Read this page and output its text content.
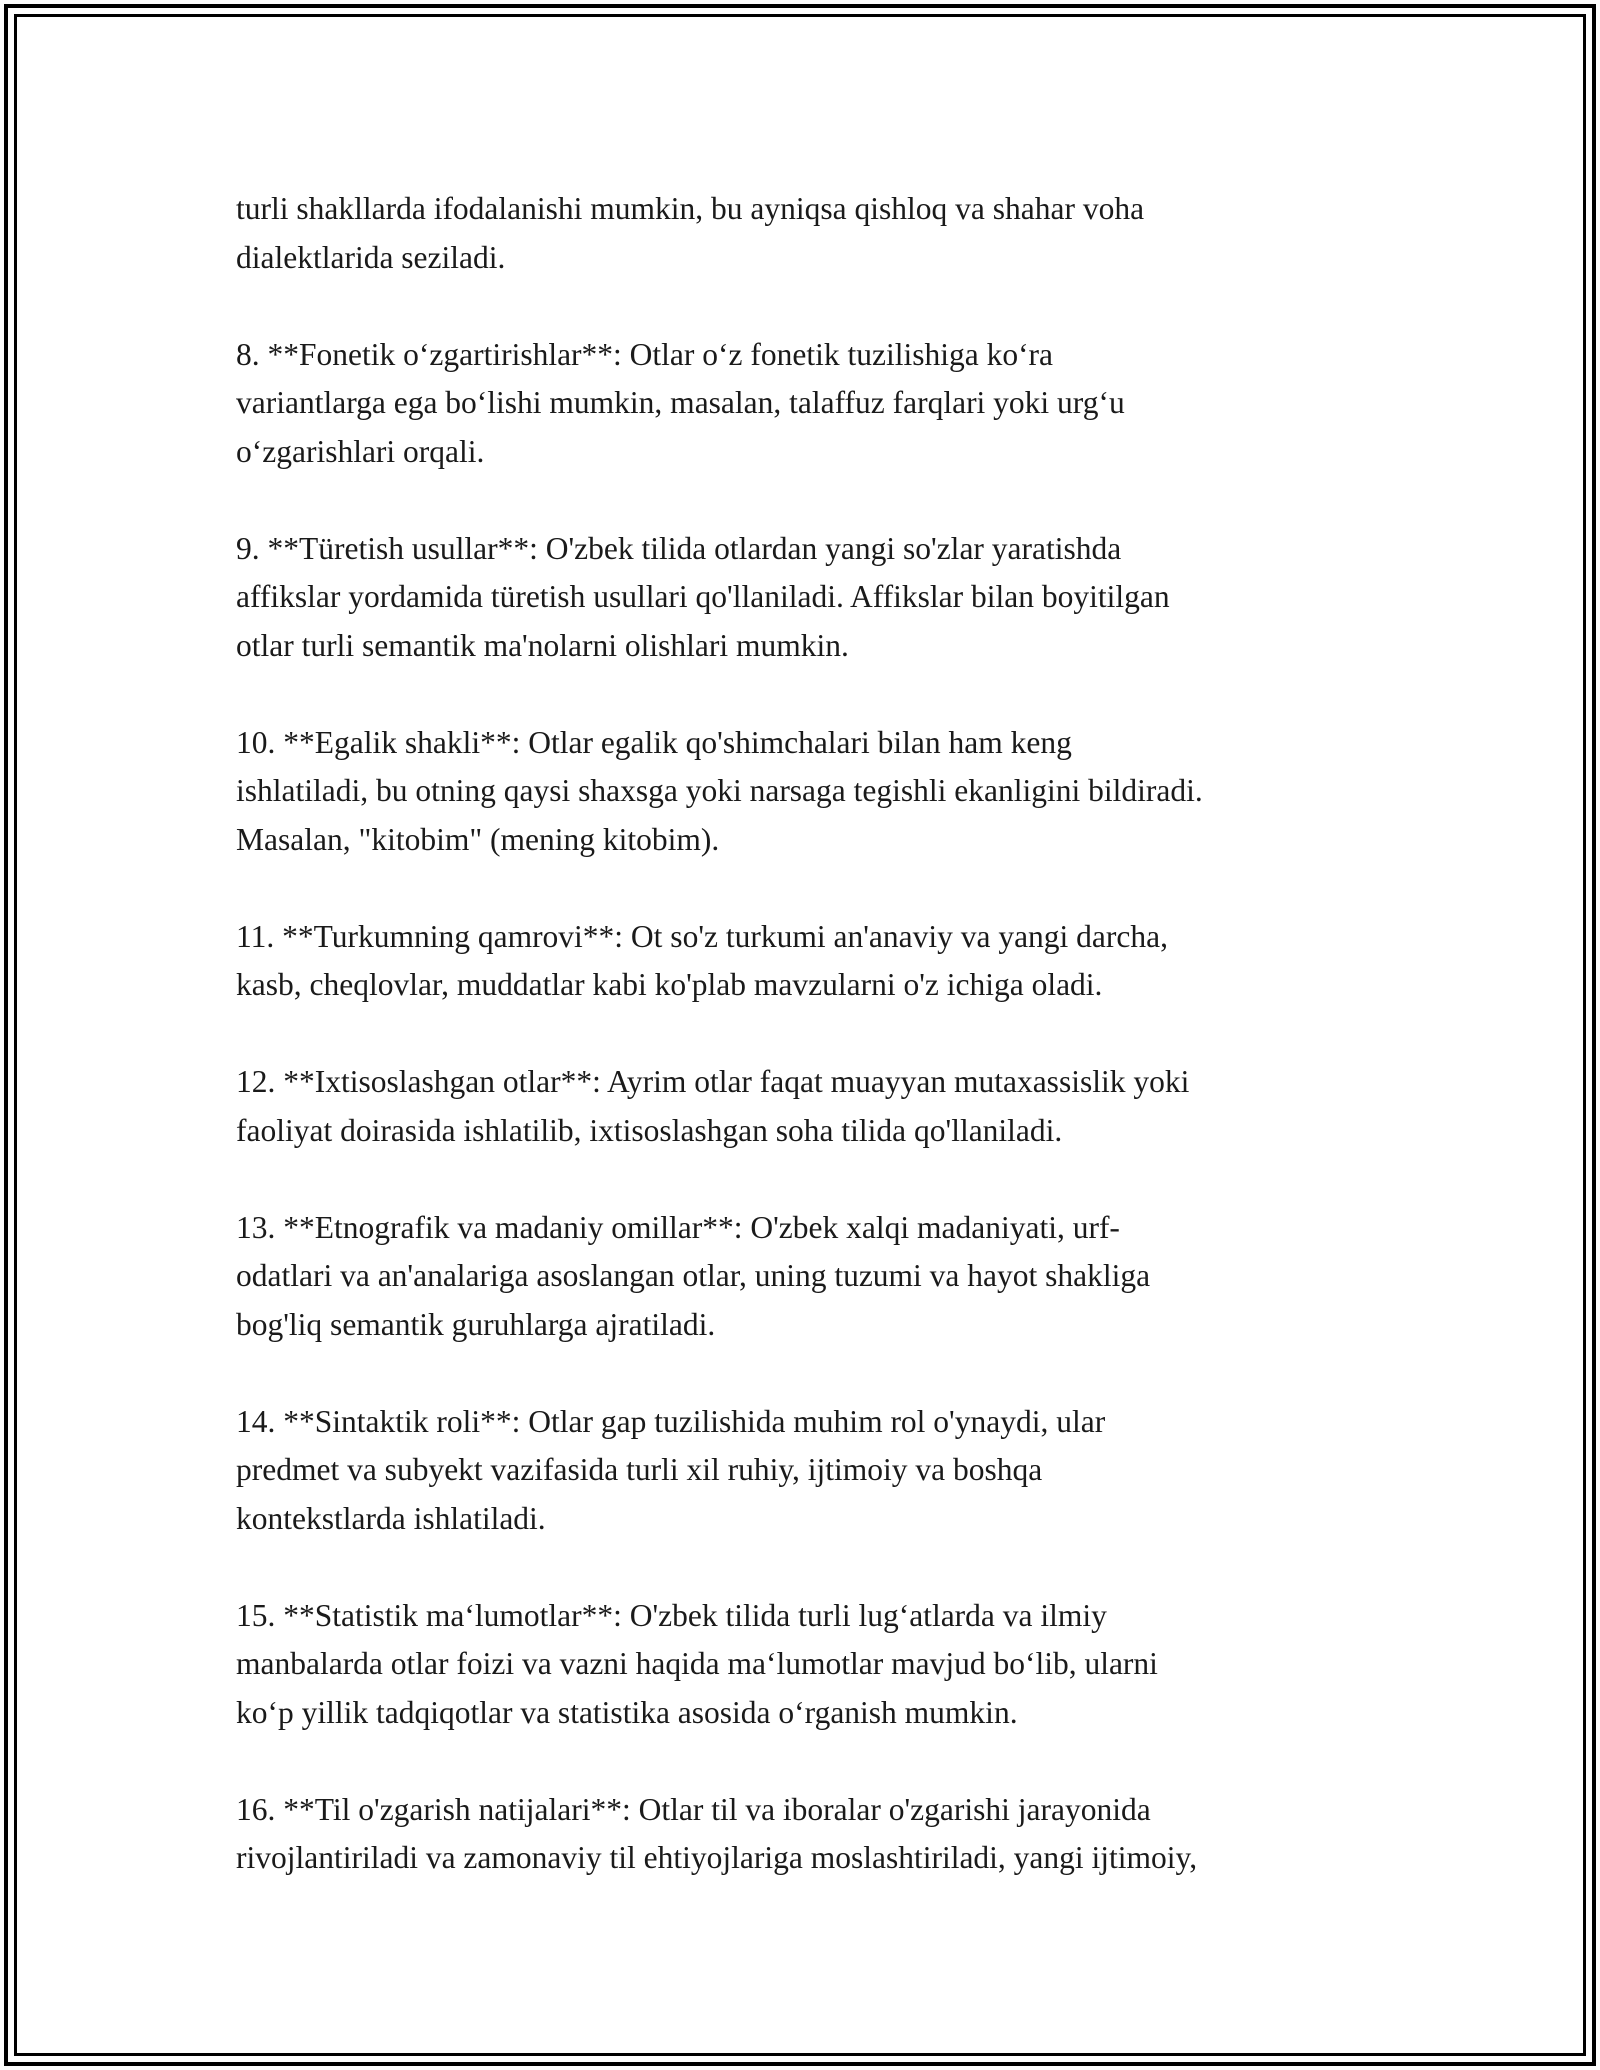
turli shakllarda ifodalanishi mumkin, bu ayniqsa qishloq va shahar voha
dialektlarida seziladi.

8. **Fonetik o‘zgartirishlar**: Otlar o‘z fonetik tuzilishiga ko‘ra
variantlarga ega bo‘lishi mumkin, masalan, talaffuz farqlari yoki urg‘u
o‘zgarishlari orqali.

9. **Türetish usullar**: O'zbek tilida otlardan yangi so'zlar yaratishda
affikslar yordamida türetish usullari qo'llaniladi. Affikslar bilan boyitilgan
otlar turli semantik ma'nolarni olishlari mumkin.

10. **Egalik shakli**: Otlar egalik qo'shimchalari bilan ham keng
ishlatiladi, bu otning qaysi shaxsga yoki narsaga tegishli ekanligini bildiradi.
Masalan, "kitobim" (mening kitobim).

11. **Turkumning qamrovi**: Ot so'z turkumi an'anaviy va yangi darcha,
kasb, cheqlovlar, muddatlar kabi ko'plab mavzularni o'z ichiga oladi.

12. **Ixtisoslashgan otlar**: Ayrim otlar faqat muayyan mutaxassislik yoki
faoliyat doirasida ishlatilib, ixtisoslashgan soha tilida qo'llaniladi.

13. **Etnografik va madaniy omillar**: O'zbek xalqi madaniyati, urf-
odatlari va an'analariga asoslangan otlar, uning tuzumi va hayot shakliga
bog'liq semantik guruhlarga ajratiladi.

14. **Sintaktik roli**: Otlar gap tuzilishida muhim rol o'ynaydi, ular
predmet va subyekt vazifasida turli xil ruhiy, ijtimoiy va boshqa
kontekstlarda ishlatiladi.

15. **Statistik ma‘lumotlar**: O'zbek tilida turli lug‘atlarda va ilmiy
manbalarda otlar foizi va vazni haqida ma‘lumotlar mavjud bo‘lib, ularni
ko‘p yillik tadqiqotlar va statistika asosida o‘rganish mumkin.

16. **Til o'zgarish natijalari**: Otlar til va iboralar o'zgarishi jarayonida
rivojlantiriladi va zamonaviy til ehtiyojlariga moslashtiriladi, yangi ijtimoiy,
